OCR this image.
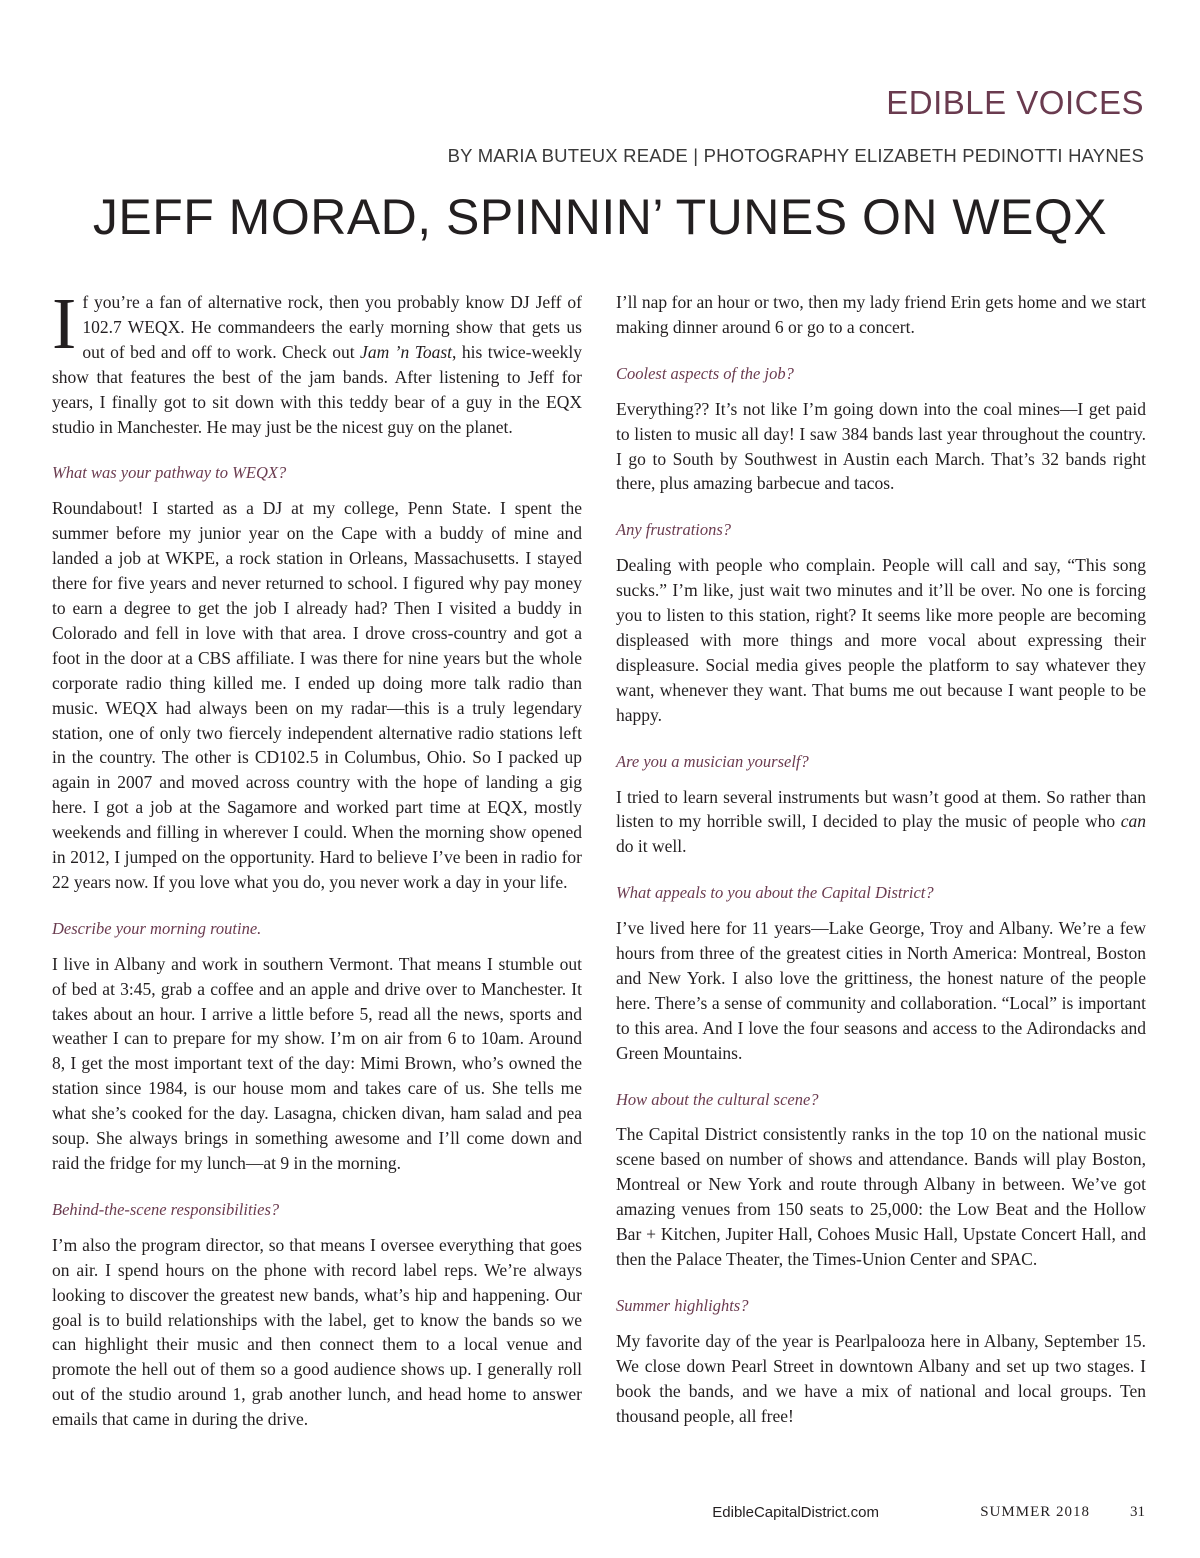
EDIBLE VOICES
BY MARIA BUTEUX READE | PHOTOGRAPHY ELIZABETH PEDINOTTI HAYNES
JEFF MORAD, SPINNIN’ TUNES ON WEQX

If you’re a fan of alternative rock, then you probably know DJ Jeff of 102.7 WEQX. He commandeers the early morning show that gets us out of bed and off to work. Check out Jam ’n Toast, his twice-weekly show that features the best of the jam bands. After listening to Jeff for years, I finally got to sit down with this teddy bear of a guy in the EQX studio in Manchester. He may just be the nicest guy on the planet.

What was your pathway to WEQX?

Roundabout! I started as a DJ at my college, Penn State. I spent the summer before my junior year on the Cape with a buddy of mine and landed a job at WKPE, a rock station in Orleans, Massachusetts. I stayed there for five years and never returned to school. I figured why pay money to earn a degree to get the job I already had? Then I visited a buddy in Colorado and fell in love with that area. I drove cross-country and got a foot in the door at a CBS affiliate. I was there for nine years but the whole corporate radio thing killed me. I ended up doing more talk radio than music. WEQX had always been on my radar—this is a truly legendary station, one of only two fiercely independent alternative radio stations left in the country. The other is CD102.5 in Columbus, Ohio. So I packed up again in 2007 and moved across country with the hope of landing a gig here. I got a job at the Sagamore and worked part time at EQX, mostly weekends and filling in wherever I could. When the morning show opened in 2012, I jumped on the opportunity. Hard to believe I’ve been in radio for 22 years now. If you love what you do, you never work a day in your life.

Describe your morning routine.

I live in Albany and work in southern Vermont. That means I stumble out of bed at 3:45, grab a coffee and an apple and drive over to Manchester. It takes about an hour. I arrive a little before 5, read all the news, sports and weather I can to prepare for my show. I’m on air from 6 to 10am. Around 8, I get the most important text of the day: Mimi Brown, who’s owned the station since 1984, is our house mom and takes care of us. She tells me what she’s cooked for the day. Lasagna, chicken divan, ham salad and pea soup. She always brings in something awesome and I’ll come down and raid the fridge for my lunch—at 9 in the morning.

Behind-the-scene responsibilities?

I’m also the program director, so that means I oversee everything that goes on air. I spend hours on the phone with record label reps. We’re always looking to discover the greatest new bands, what’s hip and happening. Our goal is to build relationships with the label, get to know the bands so we can highlight their music and then connect them to a local venue and promote the hell out of them so a good audience shows up. I generally roll out of the studio around 1, grab another lunch, and head home to answer emails that came in during the drive.

I’ll nap for an hour or two, then my lady friend Erin gets home and we start making dinner around 6 or go to a concert.

Coolest aspects of the job?

Everything?? It’s not like I’m going down into the coal mines—I get paid to listen to music all day! I saw 384 bands last year throughout the country. I go to South by Southwest in Austin each March. That’s 32 bands right there, plus amazing barbecue and tacos.

Any frustrations?

Dealing with people who complain. People will call and say, “This song sucks.” I’m like, just wait two minutes and it’ll be over. No one is forcing you to listen to this station, right? It seems like more people are becoming displeased with more things and more vocal about expressing their displeasure. Social media gives people the platform to say whatever they want, whenever they want. That bums me out because I want people to be happy.

Are you a musician yourself?

I tried to learn several instruments but wasn’t good at them. So rather than listen to my horrible swill, I decided to play the music of people who can do it well.

What appeals to you about the Capital District?

I’ve lived here for 11 years—Lake George, Troy and Albany. We’re a few hours from three of the greatest cities in North America: Montreal, Boston and New York. I also love the grittiness, the honest nature of the people here. There’s a sense of community and collaboration. “Local” is important to this area. And I love the four seasons and access to the Adirondacks and Green Mountains.

How about the cultural scene?

The Capital District consistently ranks in the top 10 on the national music scene based on number of shows and attendance. Bands will play Boston, Montreal or New York and route through Albany in between. We’ve got amazing venues from 150 seats to 25,000: the Low Beat and the Hollow Bar + Kitchen, Jupiter Hall, Cohoes Music Hall, Upstate Concert Hall, and then the Palace Theater, the Times-Union Center and SPAC.

Summer highlights?

My favorite day of the year is Pearlpalooza here in Albany, September 15. We close down Pearl Street in downtown Albany and set up two stages. I book the bands, and we have a mix of national and local groups. Ten thousand people, all free!

EdibleCapitalDistrict.com	SUMMER 2018	31
